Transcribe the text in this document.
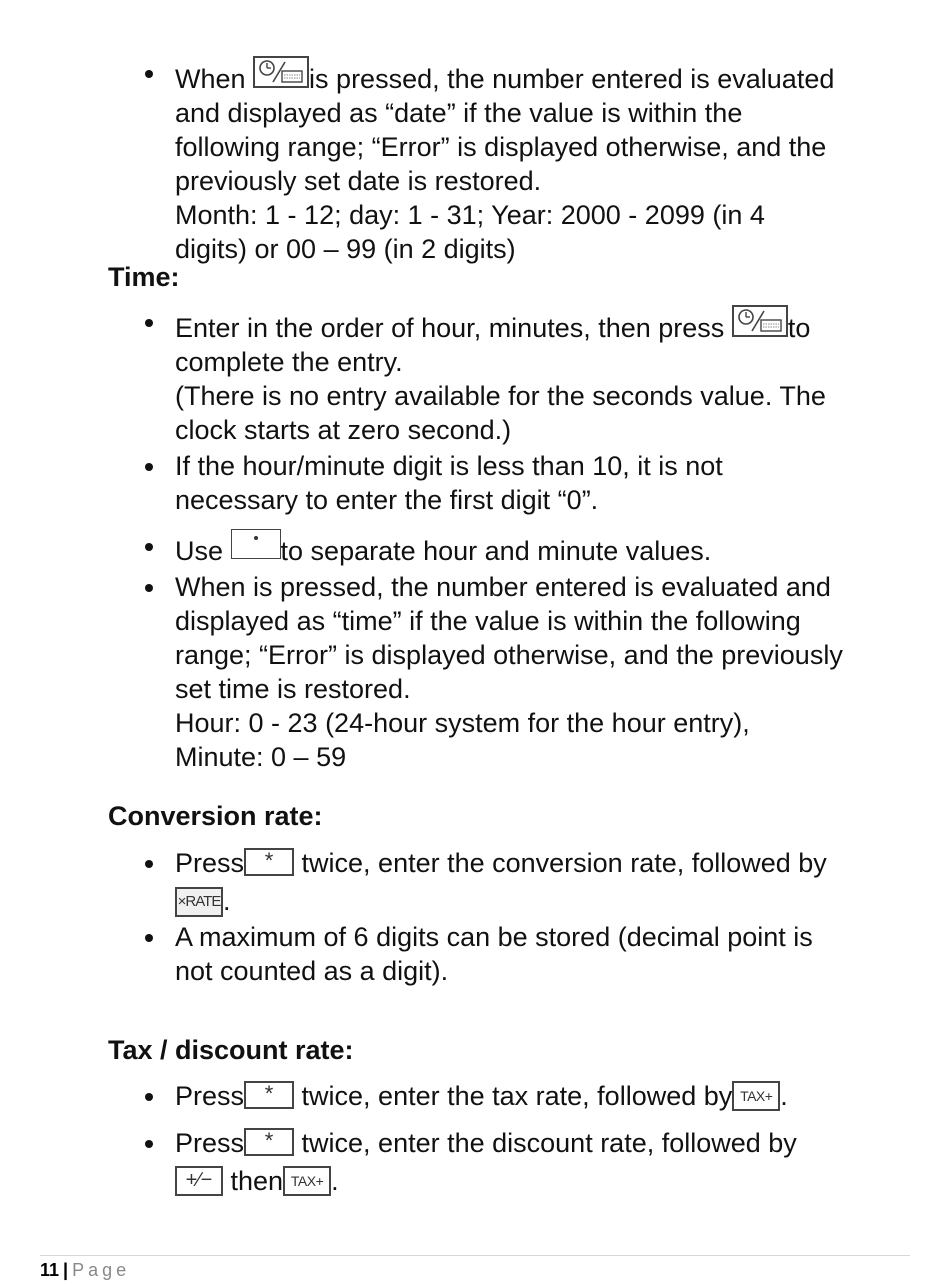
When is pressed, the number entered is evaluated
and displayed as “date” if the value is within the
following range; “Error” is displayed otherwise, and the
previously set date is restored.
Month: 1 - 12; day: 1 - 31; Year: 2000 - 2099 (in 4
digits) or 00 – 99 (in 2 digits)
Time:
Enter in the order of hour, minutes, then press to
complete the entry.
(There is no entry available for the seconds value. The
clock starts at zero second.)
If the hour/minute digit is less than 10, it is not
necessary to enter the first digit “0”.
Use to separate hour and minute values.
When is pressed, the number entered is evaluated and
displayed as “time” if the value is within the following
range; “Error” is displayed otherwise, and the previously
set time is restored.
Hour: 0 - 23 (24-hour system for the hour entry),
Minute: 0 – 59
Conversion rate:
Press * twice, enter the conversion rate, followed by
×RATE.
A maximum of 6 digits can be stored (decimal point is
not counted as a digit).
Tax / discount rate:
Press * twice, enter the tax rate, followed by TAX+ .
Press * twice, enter the discount rate, followed by
+∕− then TAX+ .
11 | Page
